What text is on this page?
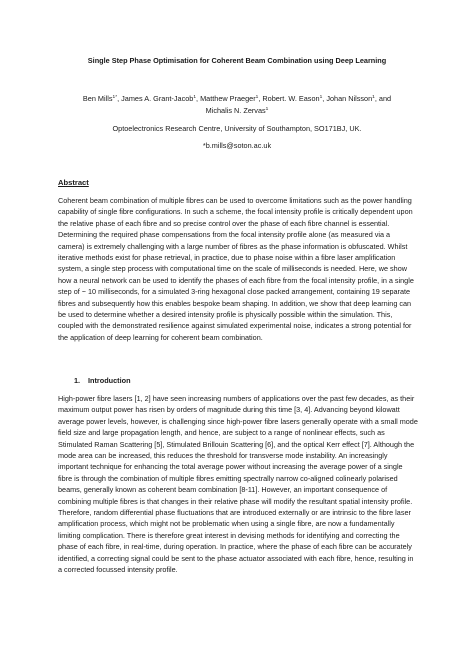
Single Step Phase Optimisation for Coherent Beam Combination using Deep Learning

Ben Mills$^{1*}$, James A. Grant-Jacob$^1$, Matthew Praeger$^1$, Robert. W. Eason$^1$, Johan Nilsson$^1$, and
Michalis N. Zervas$^1$

Optoelectronics Research Centre, University of Southampton, SO171BJ, UK.

*b.mills@soton.ac.uk

Abstract

Coherent beam combination of multiple fibres can be used to overcome limitations such as the power handling capability of single fibre configurations. In such a scheme, the focal intensity profile is critically dependent upon the relative phase of each fibre and so precise control over the phase of each fibre channel is essential. Determining the required phase compensations from the focal intensity profile alone (as measured via a camera) is extremely challenging with a large number of fibres as the phase information is obfuscated. Whilst iterative methods exist for phase retrieval, in practice, due to phase noise within a fibre laser amplification system, a single step process with computational time on the scale of milliseconds is needed. Here, we show how a neural network can be used to identify the phases of each fibre from the focal intensity profile, in a single step of ~ 10 milliseconds, for a simulated 3-ring hexagonal close packed arrangement, containing 19 separate fibres and subsequently how this enables bespoke beam shaping. In addition, we show that deep learning can be used to determine whether a desired intensity profile is physically possible within the simulation. This, coupled with the demonstrated resilience against simulated experimental noise, indicates a strong potential for the application of deep learning for coherent beam combination.

1. Introduction

High-power fibre lasers [1, 2] have seen increasing numbers of applications over the past few decades, as their maximum output power has risen by orders of magnitude during this time [3, 4]. Advancing beyond kilowatt average power levels, however, is challenging since high-power fibre lasers generally operate with a small mode field size and large propagation length, and hence, are subject to a range of nonlinear effects, such as Stimulated Raman Scattering [5], Stimulated Brillouin Scattering [6], and the optical Kerr effect [7]. Although the mode area can be increased, this reduces the threshold for transverse mode instability. An increasingly important technique for enhancing the total average power without increasing the average power of a single fibre is through the combination of multiple fibres emitting spectrally narrow co-aligned colinearly polarised beams, generally known as coherent beam combination [8-11]. However, an important consequence of combining multiple fibres is that changes in their relative phase will modify the resultant spatial intensity profile. Therefore, random differential phase fluctuations that are introduced externally or are intrinsic to the fibre laser amplification process, which might not be problematic when using a single fibre, are now a fundamentally limiting complication. There is therefore great interest in devising methods for identifying and correcting the phase of each fibre, in real-time, during operation. In practice, where the phase of each fibre can be accurately identified, a correcting signal could be sent to the phase actuator associated with each fibre, hence, resulting in a corrected focussed intensity profile.
